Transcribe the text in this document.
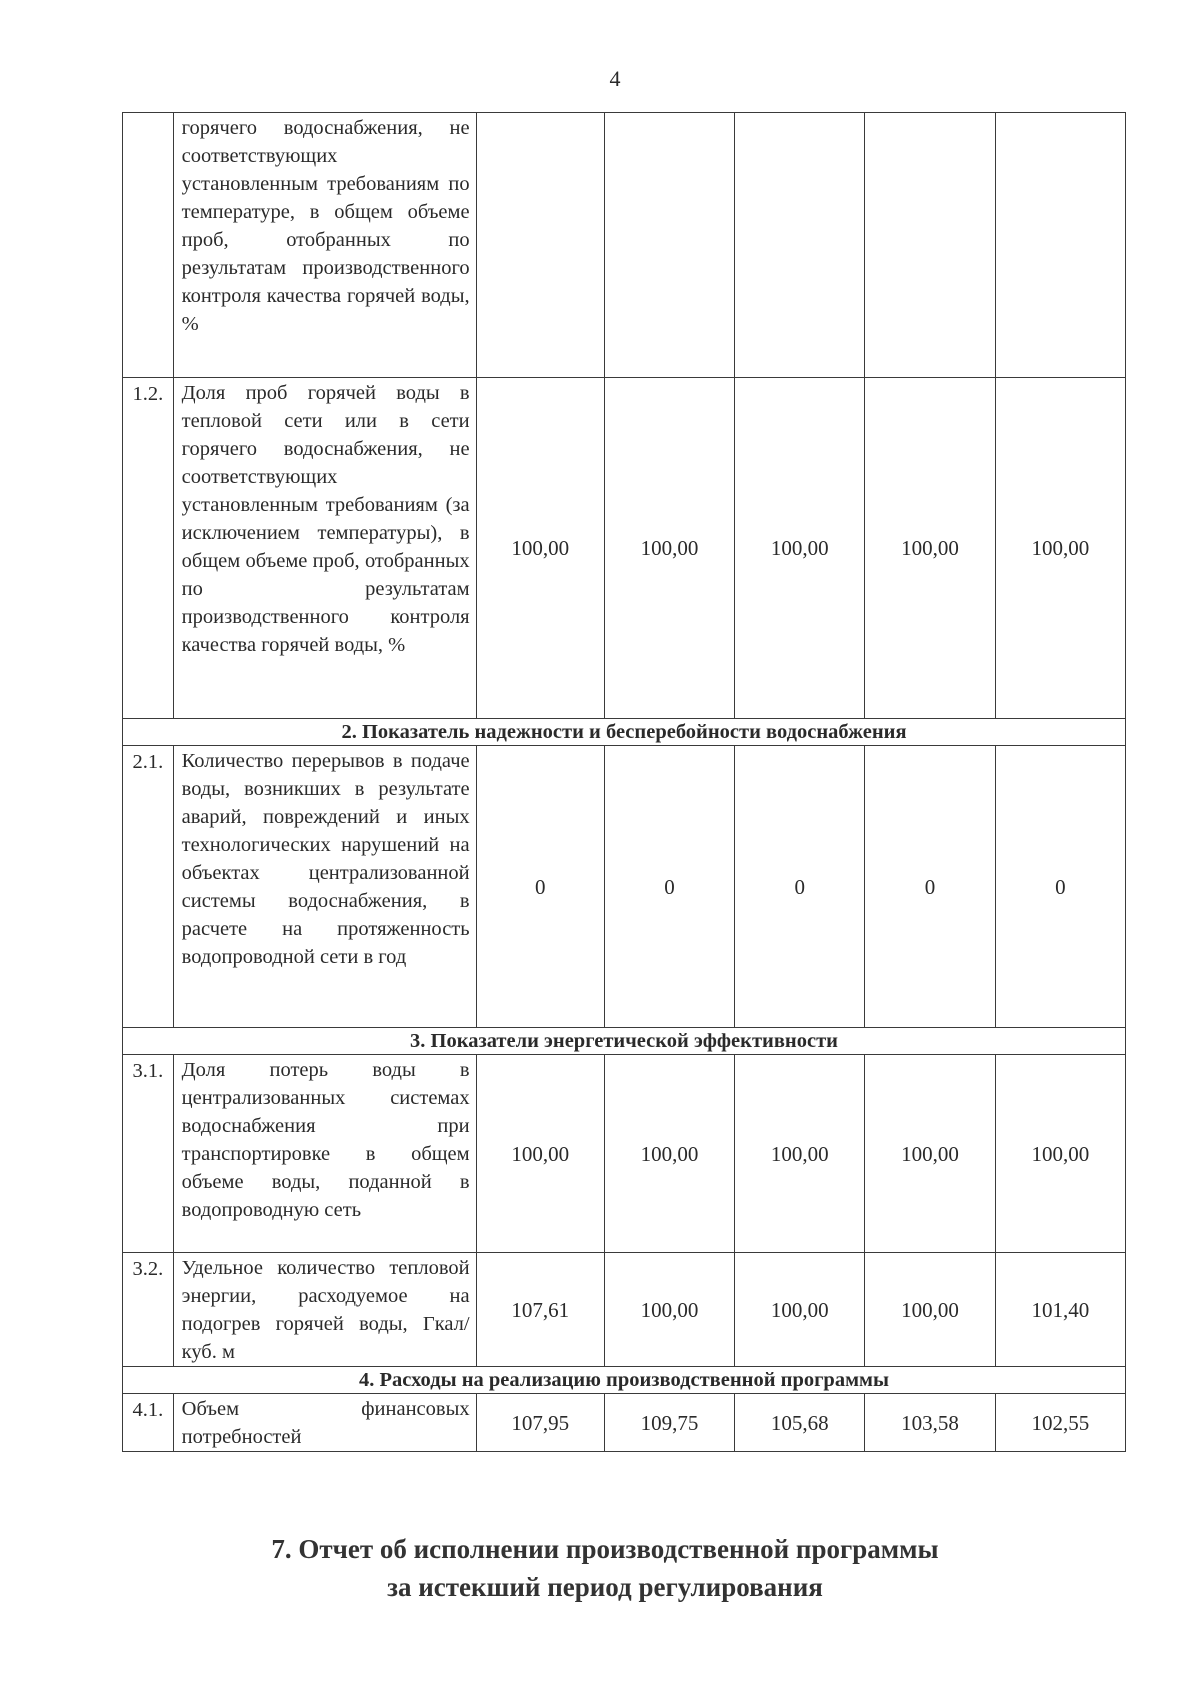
4
	горячего водоснабжения, не соответствующих установленным требованиям по температуре, в общем объеме проб, отобранных по результатам производственного контроля качества горячей воды, %					
1.2.	Доля проб горячей воды в тепловой сети или в сети горячего водоснабжения, не соответствующих установленным требованиям (за исключением температуры), в общем объеме проб, отобранных по результатам производственного контроля качества горячей воды, %	100,00	100,00	100,00	100,00	100,00
2. Показатель надежности и бесперебойности водоснабжения						
2.1.	Количество перерывов в подаче воды, возникших в результате аварий, повреждений и иных технологических нарушений на объектах централизованной системы водоснабжения, в расчете на протяженность водопроводной сети в год	0	0	0	0	0
3. Показатели энергетической эффективности						
3.1.	Доля потерь воды в централизованных системах водоснабжения при транспортировке в общем объеме воды, поданной в водопроводную сеть	100,00	100,00	100,00	100,00	100,00
3.2.	Удельное количество тепловой энергии, расходуемое на подогрев горячей воды, Гкал/куб. м	107,61	100,00	100,00	100,00	101,40
4. Расходы на реализацию производственной программы						
4.1.	Объем финансовых потребностей	107,95	109,75	105,68	103,58	102,55
7. Отчет об исполнении производственной программы
за истекший период регулирования
